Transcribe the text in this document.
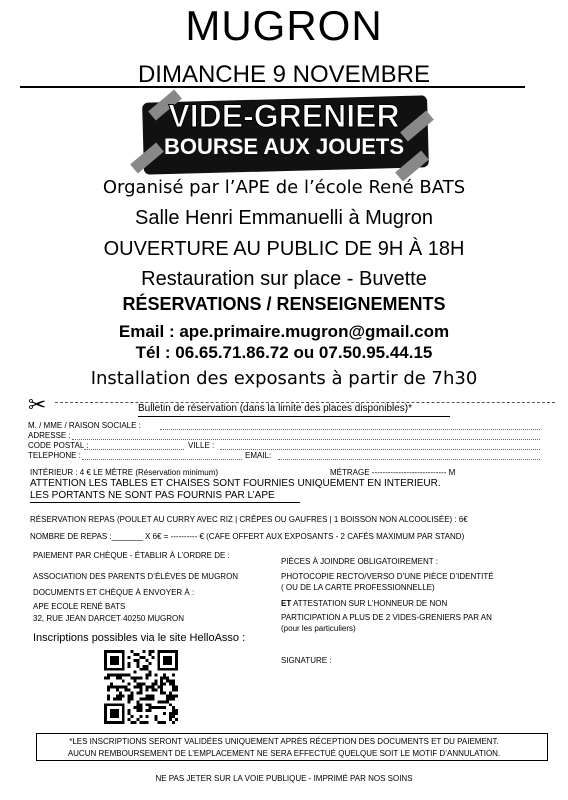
MUGRON
DIMANCHE 9 NOVEMBRE
VIDE-GRENIER
BOURSE AUX JOUETS
Organisé par l’APE de l’école René BATS
Salle Henri Emmanuelli à Mugron
OUVERTURE AU PUBLIC DE 9H À 18H
Restauration sur place - Buvette
RÉSERVATIONS / RENSEIGNEMENTS
Email : ape.primaire.mugron@gmail.com
Tél : 06.65.71.86.72 ou 07.50.95.44.15
Installation des exposants à partir de 7h30
✂	Bulletin de réservation (dans la limite des places disponibles)*
M. / MME / RAISON SOCIALE :
ADRESSE :
CODE POSTAL :	VILLE :
TELEPHONE :	EMAIL:
INTÉRIEUR : 4 € LE MÈTRE (Réservation minimum)	MÉTRAGE ---------------------------- M
ATTENTION LES TABLES ET CHAISES SONT FOURNIES UNIQUEMENT EN INTERIEUR.
LES PORTANTS NE SONT PAS FOURNIS PAR L’APE
RÉSERVATION REPAS (POULET AU CURRY AVEC RIZ | CRÊPES OU GAUFRES | 1 BOISSON NON ALCOOLISÉE) : 6€
NOMBRE DE REPAS :_______ X 6€ = ---------- € (CAFE OFFERT AUX EXPOSANTS - 2 CAFÉS MAXIMUM PAR STAND)
PAIEMENT PAR CHÈQUE - ÉTABLIR À L’ORDRE DE :
ASSOCIATION DES PARENTS D’ÉLÈVES DE MUGRON
DOCUMENTS ET CHÈQUE À ENVOYER À :
APE ECOLE RENÉ BATS
32, RUE JEAN DARCET 40250 MUGRON
Inscriptions possibles via le site HelloAsso :
PIÈCES À JOINDRE OBLIGATOIREMENT :
PHOTOCOPIE RECTO/VERSO D’UNE PIÈCE D’IDENTITÉ
( OU DE LA CARTE PROFESSIONNELLE)
ET ATTESTATION SUR L’HONNEUR DE NON
PARTICIPATION A PLUS DE 2 VIDES-GRENIERS PAR AN
(pour les particuliers)
SIGNATURE :
*LES INSCRIPTIONS SERONT VALIDÉES UNIQUEMENT APRÈS RÉCEPTION DES DOCUMENTS ET DU PAIEMENT.
AUCUN REMBOURSEMENT DE L’EMPLACEMENT NE SERA EFFECTUÉ QUELQUE SOIT LE MOTIF D’ANNULATION.
NE PAS JETER SUR LA VOIE PUBLIQUE - IMPRIMÉ PAR NOS SOINS
